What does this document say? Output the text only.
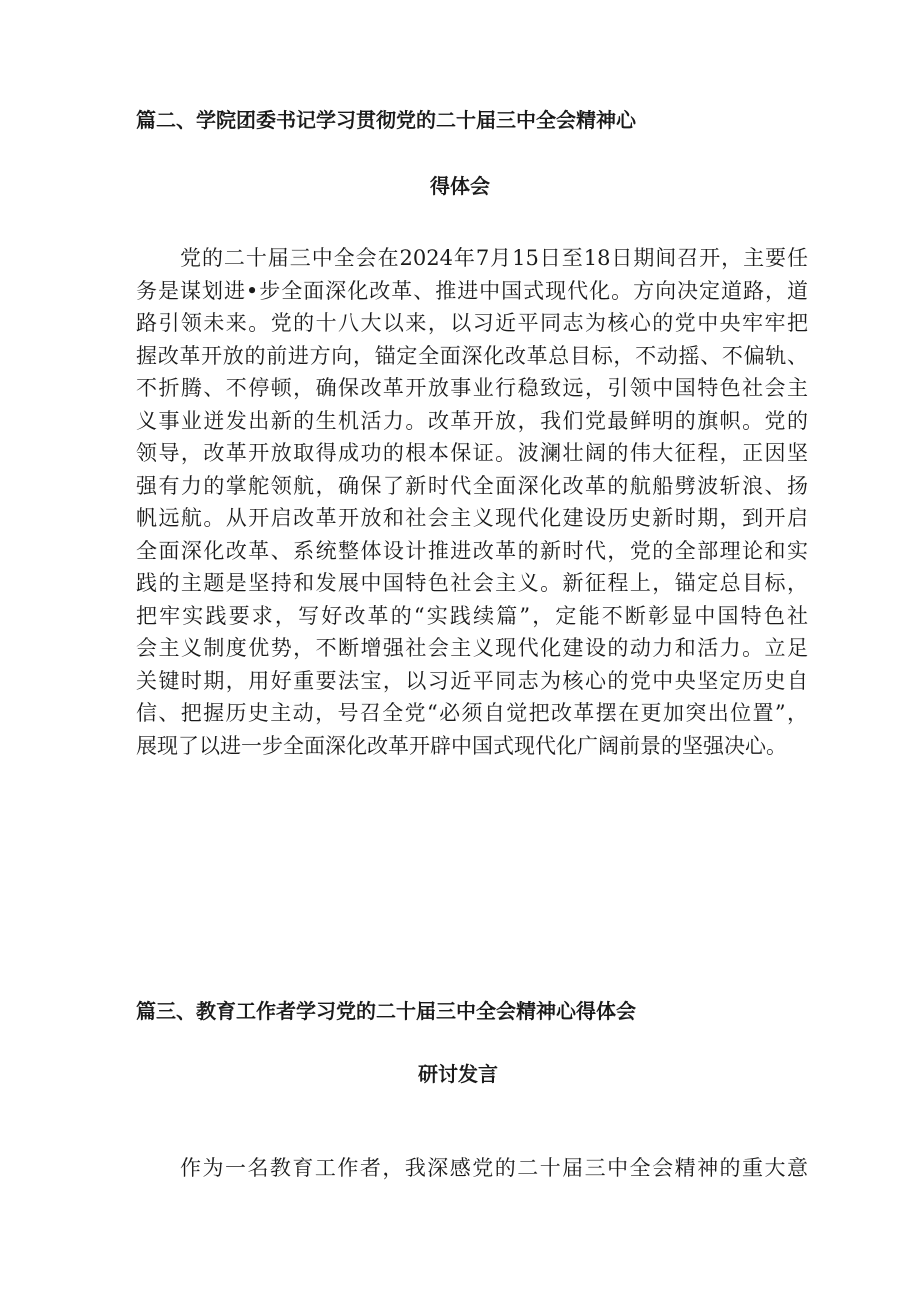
篇二、学院团委书记学习贯彻党的二十届三中全会精神心
得体会
党的二十届三中全会在2024年7月15日至18日期间召开，主要任
务是谋划进•步全面深化改革、推进中国式现代化。方向决定道路，道
路引领未来。党的十八大以来，以习近平同志为核心的党中央牢牢把
握改革开放的前进方向，锚定全面深化改革总目标，不动摇、不偏轨、
不折腾、不停顿，确保改革开放事业行稳致远，引领中国特色社会主
义事业迸发出新的生机活力。改革开放，我们党最鲜明的旗帜。党的
领导，改革开放取得成功的根本保证。波澜壮阔的伟大征程，正因坚
强有力的掌舵领航，确保了新时代全面深化改革的航船劈波斩浪、扬
帆远航。从开启改革开放和社会主义现代化建设历史新时期，到开启
全面深化改革、系统整体设计推进改革的新时代，党的全部理论和实
践的主题是坚持和发展中国特色社会主义。新征程上，锚定总目标，
把牢实践要求，写好改革的“实践续篇”，定能不断彰显中国特色社
会主义制度优势，不断增强社会主义现代化建设的动力和活力。立足
关键时期，用好重要法宝，以习近平同志为核心的党中央坚定历史自
信、把握历史主动，号召全党“必须自觉把改革摆在更加突出位置”，
展现了以进一步全面深化改革开辟中国式现代化广阔前景的坚强决心。
篇三、教育工作者学习党的二十届三中全会精神心得体会
研讨发言
作为一名教育工作者，我深感党的二十届三中全会精神的重大意
